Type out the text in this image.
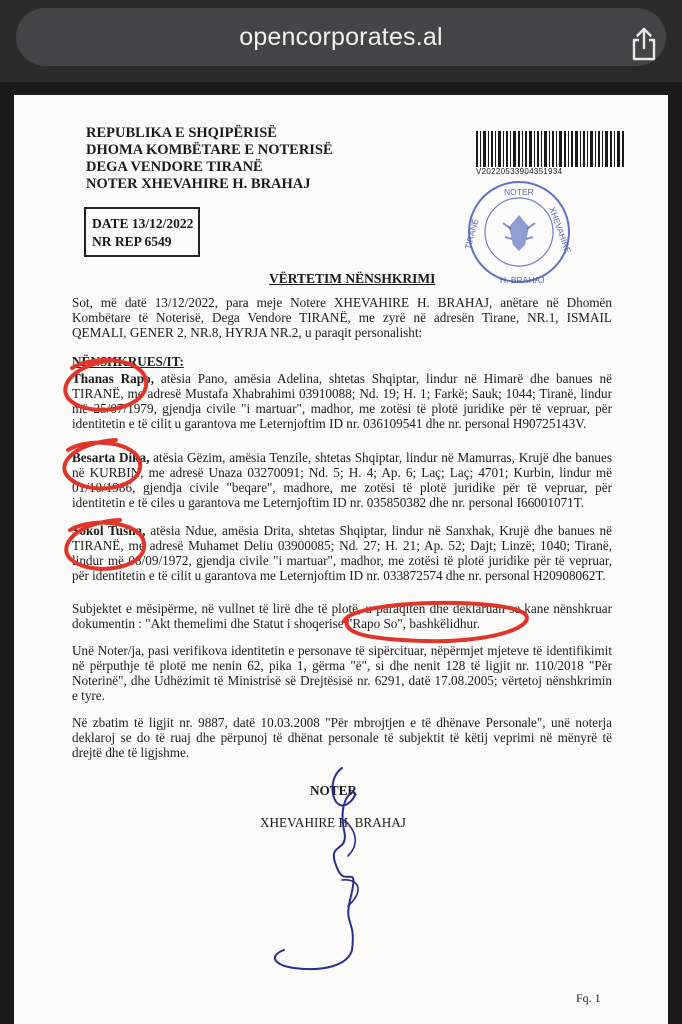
opencorporates.al
REPUBLIKA E SHQIPËRISË
DHOMA KOMBËTARE E NOTERISË
DEGA VENDORE TIRANË
NOTER XHEVAHIRE H. BRAHAJ
V20220533904351934
NOTER
TIRANË	XHEVAHIRE
H. BRAHAJ
DATE 13/12/2022
NR REP 6549
VËRTETIM NËNSHKRIMI
Sot, më datë 13/12/2022, para meje Notere XHEVAHIRE H. BRAHAJ, anëtare në Dhomën
Kombëtare të Noterisë, Dega Vendore TIRANË, me zyrë në adresën Tirane, NR.1, ISMAIL
QEMALI, GENER 2, NR.8, HYRJA NR.2, u paraqit personalisht:
NËNSHKRUES/IT:
Thanas Rapo, atësia Pano, amësia Adelina, shtetas Shqiptar, lindur në Himarë dhe banues në
TIRANË, me adresë Mustafa Xhabrahimi 03910088; Nd. 19; H. 1; Farkë; Sauk; 1044; Tiranë, lindur
më 25/07/1979, gjendja civile "i martuar", madhor, me zotësi të plotë juridike për të vepruar, për
identitetin e të cilit u garantova me Leternjoftim ID nr. 036109541 dhe nr. personal H90725143V.
Besarta Dika, atësia Gëzim, amësia Tenzile, shtetas Shqiptar, lindur në Mamurras, Krujë dhe banues
në KURBIN, me adresë Unaza 03270091; Nd. 5; H. 4; Ap. 6; Laç; Laç; 4701; Kurbin, lindur më
01/10/1986, gjendja civile "beqare", madhore, me zotësi të plotë juridike për të vepruar, për
identitetin e të ciles u garantova me Leternjoftim ID nr. 035850382 dhe nr. personal I66001071T.
Sokol Tusha, atësia Ndue, amësia Drita, shtetas Shqiptar, lindur në Sanxhak, Krujë dhe banues në
TIRANË, me adresë Muhamet Deliu 03900085; Nd. 27; H. 21; Ap. 52; Dajt; Linzë; 1040; Tiranë,
lindur më 08/09/1972, gjendja civile "i martuar", madhor, me zotësi të plotë juridike për të vepruar,
për identitetin e të cilit u garantova me Leternjoftim ID nr. 033872574 dhe nr. personal H20908062T.
Subjektet e mësipërme, në vullnet të lirë dhe të plotë, u paraqitën dhe deklaruan se kane nënshkruar
dokumentin : "Akt themelimi dhe Statut i shoqerise "Rapo So", bashkëlidhur.
Unë Noter/ja, pasi verifikova identitetin e personave të sipërcituar, nëpërmjet mjeteve të identifikimit
në përputhje të plotë me nenin 62, pika 1, gërma "ë", si dhe nenit 128 të ligjit nr. 110/2018 "Për
Noterinë", dhe Udhëzimit të Ministrisë së Drejtësisë nr. 6291, datë 17.08.2005; vërtetoj nënshkrimin
e tyre.
Në zbatim të ligjit nr. 9887, datë 10.03.2008 "Për mbrojtjen e të dhënave Personale", unë noterja
deklaroj se do të ruaj dhe përpunoj të dhënat personale të subjektit të këtij veprimi në mënyrë të
drejtë dhe të ligjshme.
NOTER
XHEVAHIRE H. BRAHAJ
Fq. 1
